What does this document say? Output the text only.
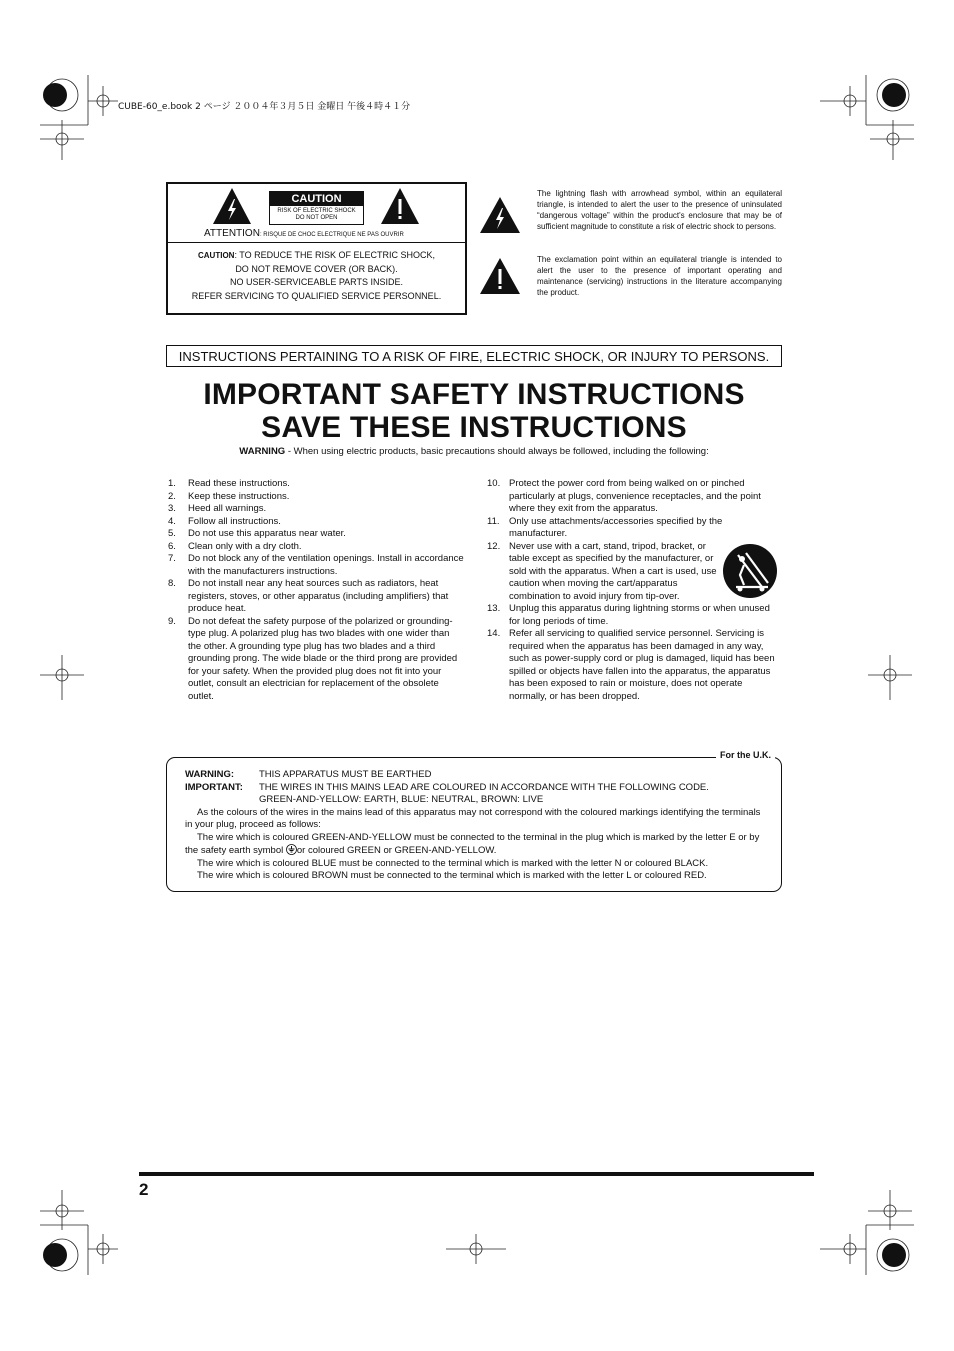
CUBE-60_e.book 2 ページ ２００４年３月５日 金曜日 午後４時４１分
CAUTION
RISK OF ELECTRIC SHOCK
DO NOT OPEN
ATTENTION: RISQUE DE CHOC ELECTRIQUE NE PAS OUVRIR
CAUTION: TO REDUCE THE RISK OF ELECTRIC SHOCK,
DO NOT REMOVE COVER (OR BACK).
NO USER-SERVICEABLE PARTS INSIDE.
REFER SERVICING TO QUALIFIED SERVICE PERSONNEL.
The lightning flash with arrowhead symbol, within an equilateral triangle, is intended to alert the user to the presence of uninsulated “dangerous voltage” within the product's enclosure that may be of sufficient magnitude to constitute a risk of electric shock to persons.
The exclamation point within an equilateral triangle is intended to alert the user to the presence of important operating and maintenance (servicing) instructions in the literature accompanying the product.
INSTRUCTIONS PERTAINING TO A RISK OF FIRE, ELECTRIC SHOCK, OR INJURY TO PERSONS.
IMPORTANT SAFETY INSTRUCTIONS
SAVE THESE INSTRUCTIONS
WARNING - When using electric products, basic precautions should always be followed, including the following:
1. Read these instructions.
2. Keep these instructions.
3. Heed all warnings.
4. Follow all instructions.
5. Do not use this apparatus near water.
6. Clean only with a dry cloth.
7. Do not block any of the ventilation openings. Install in accordance with the manufacturers instructions.
8. Do not install near any heat sources such as radiators, heat registers, stoves, or other apparatus (including amplifiers) that produce heat.
9. Do not defeat the safety purpose of the polarized or grounding-type plug. A polarized plug has two blades with one wider than the other. A grounding type plug has two blades and a third grounding prong. The wide blade or the third prong are provided for your safety. When the provided plug does not fit into your outlet, consult an electrician for replacement of the obsolete outlet.
10. Protect the power cord from being walked on or pinched particularly at plugs, convenience receptacles, and the point where they exit from the apparatus.
11. Only use attachments/accessories specified by the manufacturer.
12. Never use with a cart, stand, tripod, bracket, or table except as specified by the manufacturer, or sold with the apparatus. When a cart is used, use caution when moving the cart/apparatus combination to avoid injury from tip-over.
13. Unplug this apparatus during lightning storms or when unused for long periods of time.
14. Refer all servicing to qualified service personnel. Servicing is required when the apparatus has been damaged in any way, such as power-supply cord or plug is damaged, liquid has been spilled or objects have fallen into the apparatus, the apparatus has been exposed to rain or moisture, does not operate normally, or has been dropped.
For the U.K.
WARNING:	THIS APPARATUS MUST BE EARTHED
IMPORTANT: THE WIRES IN THIS MAINS LEAD ARE COLOURED IN ACCORDANCE WITH THE FOLLOWING CODE.
GREEN-AND-YELLOW: EARTH, BLUE: NEUTRAL, BROWN: LIVE
As the colours of the wires in the mains lead of this apparatus may not correspond with the coloured markings identifying the terminals in your plug, proceed as follows:
The wire which is coloured GREEN-AND-YELLOW must be connected to the terminal in the plug which is marked by the letter E or by the safety earth symbol or coloured GREEN or GREEN-AND-YELLOW.
The wire which is coloured BLUE must be connected to the terminal which is marked with the letter N or coloured BLACK.
The wire which is coloured BROWN must be connected to the terminal which is marked with the letter L or coloured RED.
2
